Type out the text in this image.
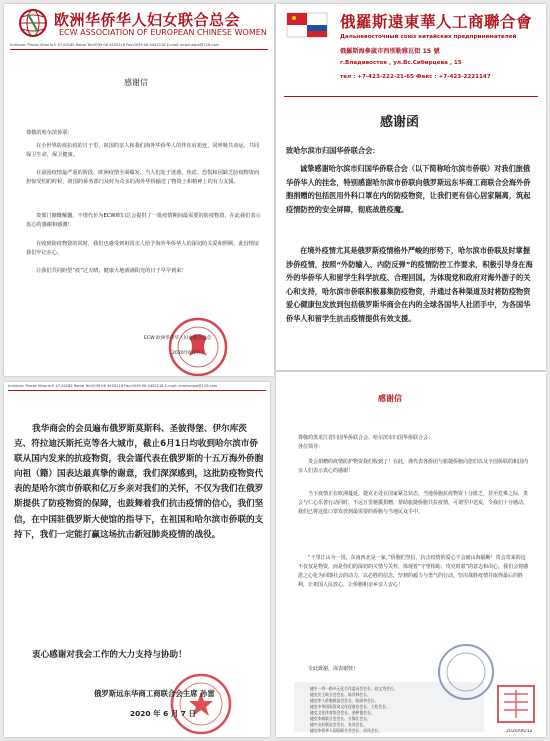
欧洲华侨华人妇女联合总会
ECW ASSOCIATION OF EUROPEAN CHINESE WOMEN
Indirizzo: Piazza Vittorio E 47,00185 Roma Tel:0039 06 4455218 Fax:0039 06 4455218 E-mail: ecwcurope@126.com
感谢信
尊敬的哈尔滨侨联：
在全世界防疫抗疫的日子里，祖国的亲人和我们海外华侨华人的伴在肩祖连，同呼吸共命运，共同保卫生命，保卫健康。
在前国疫情最严重的阶段，欧洲疫情全面爆发，当人们处于迷惑、焦虑、恐慌和因缺乏防疫物资而担惊受怕的时候，祖国的侨务部门及时为众多的海外华侨输送了物资上和精神上的有力支援。
贵部门慷慨解囊，不惜代价为ECW欧妇总会提供了一批疫情期间最需要的防疫物资，在此我们表示衷心的感谢和感激！
在收到防疫物资的同时，我们也感受到祖国亲人给予海外华侨华人的深切的关爱和照顾，此份情谊我们牢记在心。
让我们共同盼望“疫”过天晴，健康大地洒满阳光的日子早早到来！
ECW 欧洲华侨华人妇女联合总会
2020年6月7日
俄羅斯遠東華人工商聯合會
Дальневосточный союз китайских предпринимателей
俄羅斯海參崴市西別勒雅瓦街 15 號
г.Владивосток , ул.Вс.Сибирцева , 15
тел : +7-423-222-21-65 Факс : +7-423-2221147
感谢函
致哈尔滨市归国华侨联合会：
诚挚感谢哈尔滨市归国华侨联合会（以下简称哈尔滨市侨联）对我们旅俄华侨华人的挂念，特别感谢哈尔滨市侨联向俄罗斯远东华商工商联合会海外侨胞捐赠的包括医用外科口罩在内的防疫物资，让我们更有信心居家隔离，筑起疫情防控的安全屏障，彻底战胜疫魔。
在境外疫情尤其是俄罗斯疫情格外严峻的形势下，哈尔滨市侨联及时掌握涉侨疫情，按照“外防输入、内防反弹”的疫情防控工作要求，积极引导身在海外的华侨华人和留学生科学抗疫、合理回国。为体现党和政府对海外游子的关心和支持，哈尔滨市侨联积极募集防疫物资，并通过各种渠道及时将防疫物资爱心健康包发放到包括俄罗斯华商会在内的全球各国华人社团手中，为各国华侨华人和留学生抗击疫情提供有效支援。
Indirizzo: Piazza Vittorio E 47,00185 Roma Tel:0039 06 4455218 Fax:0039 06 4455218 E-mail: ecweurope@126.com
我华商会的会员遍布俄罗斯莫斯科、圣彼得堡、伊尔库茨克、符拉迪沃斯托克等各大城市，截止6月1日均收到哈尔滨市侨联从国内发来的抗疫物资，我会谨代表在俄罗斯的十五万海外侨胞向祖（籍）国表达最真挚的谢意，我们深深感到，这批防疫物资代表的是哈尔滨市侨联和亿万乡亲对我们的关怀，不仅为我们在俄罗斯提供了防疫物资的保障，也鼓舞着我们抗击疫情的信心，我们坚信，在中国驻俄罗斯大使馆的指导下，在祖国和哈尔滨市侨联的支持下，我们一定能打赢这场抗击新冠肺炎疫情的战役。
衷心感谢对我会工作的大力支持与协助！
俄罗斯远东华商工商联合会主席 孙雷
2020 年 6 月 7 日
感谢信
尊敬的黑龙江省归国华侨联合会、哈尔滨市归国华侨联合会：
各位领导：
贵会捐赠的疫情防护物资我们收到了！在此，谨代表各侨团与旅捷侨胞向您们以及全国侨联的和国内亲人们表示衷心的感谢！
当下疫情正在欧洲蔓延，捷克正处在国家紧急状态，当地侨胞抗疫物资十分匮乏，甚至危难之际，贵会与仁心乐善行动同时，不远万里驰援捐赠，帮助旅捷侨胞共抗疫情，可谓雪中送炭，令我们十分感动，我们已将这批口罩发放到最需要的侨胞与当地民众手中。
“千里江山为一国，东南西北是一家。”侨胞们坚信，抗击疫情的爱心不会被山海隔断！贵会寄来的这不仅仅是物资，而是你们的深切的关情与关怀，体现着“守望相助、攻克时艰”的意志和决心。我们会将感恩之心化为回馈社会的动力，以必胜的信念，坚韧的毅力与勇气的行动，坚决战胜疫情并取得最后的胜利，让祖国人民放心，让侨胞和亲乡亲人安心！
专此致谢，深表谢忱！
捷中一带一路多元化合作委员会会长、赵文秀会长、
捷克民主联合会会长、陈其林会长、
捷克华人侨胞联谊会会长、陈丽华会长、
捷克中华国际贸易文化促进会会长、王松会长、
捷克文化体育协会会长、金仲俊会长、
捷克华商联合会会长、方海江会长、
捷中友好联谊会会长、张凤会长、
捷克华侨华人国际联合会会长、苗凤会长、	2020/06/12
